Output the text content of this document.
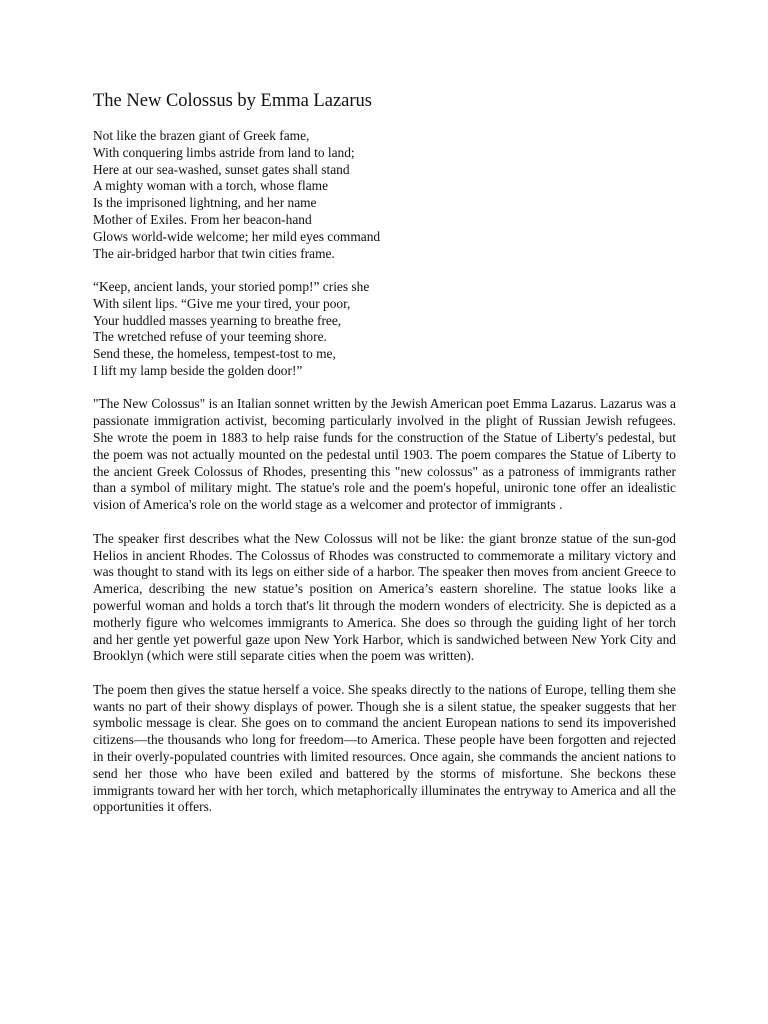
The New Colossus by Emma Lazarus
Not like the brazen giant of Greek fame,
With conquering limbs astride from land to land;
Here at our sea-washed, sunset gates shall stand
A mighty woman with a torch, whose flame
Is the imprisoned lightning, and her name
Mother of Exiles. From her beacon-hand
Glows world-wide welcome; her mild eyes command
The air-bridged harbor that twin cities frame.
“Keep, ancient lands, your storied pomp!” cries she
With silent lips. “Give me your tired, your poor,
Your huddled masses yearning to breathe free,
The wretched refuse of your teeming shore.
Send these, the homeless, tempest-tost to me,
I lift my lamp beside the golden door!”

"The New Colossus" is an Italian sonnet written by the Jewish American poet Emma Lazarus. Lazarus was a passionate immigration activist, becoming particularly involved in the plight of Russian Jewish refugees. She wrote the poem in 1883 to help raise funds for the construction of the Statue of Liberty's pedestal, but the poem was not actually mounted on the pedestal until 1903. The poem compares the Statue of Liberty to the ancient Greek Colossus of Rhodes, presenting this "new colossus" as a patroness of immigrants rather than a symbol of military might. The statue's role and the poem's hopeful, unironic tone offer an idealistic vision of America's role on the world stage as a welcomer and protector of immigrants .

The speaker first describes what the New Colossus will not be like: the giant bronze statue of the sun-god Helios in ancient Rhodes. The Colossus of Rhodes was constructed to commemorate a military victory and was thought to stand with its legs on either side of a harbor. The speaker then moves from ancient Greece to America, describing the new statue’s position on America’s eastern shoreline. The statue looks like a powerful woman and holds a torch that's lit through the modern wonders of electricity. She is depicted as a motherly figure who welcomes immigrants to America. She does so through the guiding light of her torch and her gentle yet powerful gaze upon New York Harbor, which is sandwiched between New York City and Brooklyn (which were still separate cities when the poem was written).

The poem then gives the statue herself a voice. She speaks directly to the nations of Europe, telling them she wants no part of their showy displays of power. Though she is a silent statue, the speaker suggests that her symbolic message is clear. She goes on to command the ancient European nations to send its impoverished citizens—the thousands who long for freedom—to America. These people have been forgotten and rejected in their overly-populated countries with limited resources. Once again, she commands the ancient nations to send her those who have been exiled and battered by the storms of misfortune. She beckons these immigrants toward her with her torch, which metaphorically illuminates the entryway to America and all the opportunities it offers.
